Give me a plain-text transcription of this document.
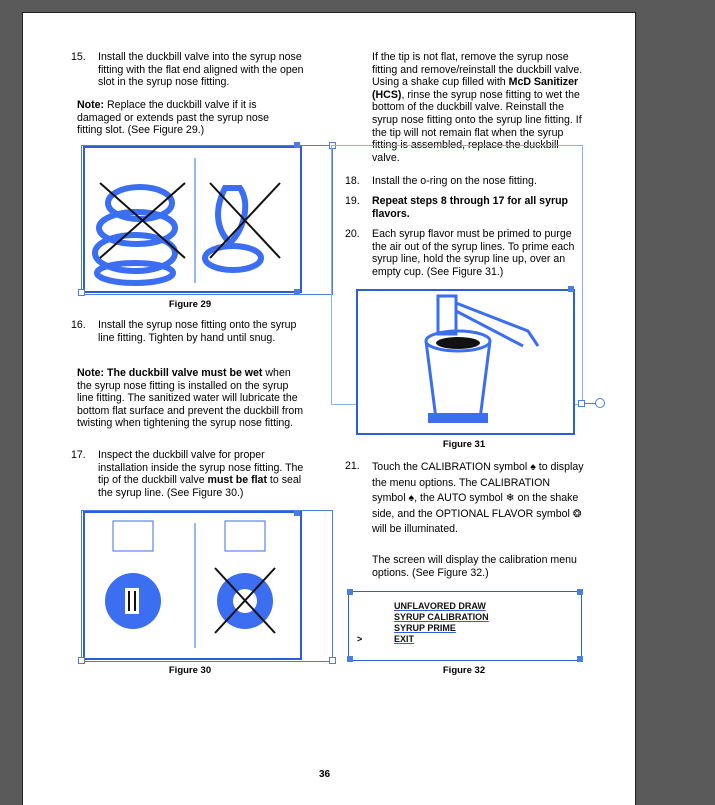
15. Install the duckbill valve into the syrup nose fitting with the flat end aligned with the open slot in the syrup nose fitting.
Note: Replace the duckbill valve if it is damaged or extends past the syrup nose fitting slot. (See Figure 29.)
Figure 29
16. Install the syrup nose fitting onto the syrup line fitting. Tighten by hand until snug.
Note: The duckbill valve must be wet when the syrup nose fitting is installed on the syrup line fitting. The sanitized water will lubricate the bottom flat surface and prevent the duckbill from twisting when tightening the syrup nose fitting.
17. Inspect the duckbill valve for proper installation inside the syrup nose fitting. The tip of the duckbill valve must be flat to seal the syrup line. (See Figure 30.)
Figure 30
If the tip is not flat, remove the syrup nose fitting and remove/reinstall the duckbill valve. Using a shake cup filled with McD Sanitizer (HCS), rinse the syrup nose fitting to wet the bottom of the duckbill valve. Reinstall the syrup nose fitting onto the syrup line fitting. If the tip will not remain flat when the syrup fitting is assembled, replace the duckbill valve.
18. Install the o-ring on the nose fitting.
19. Repeat steps 8 through 17 for all syrup flavors.
20. Each syrup flavor must be primed to purge the air out of the syrup lines. To prime each syrup line, hold the syrup line up, over an empty cup. (See Figure 31.)
Figure 31
21. Touch the CALIBRATION symbol ♠ to display the menu options. The CALIBRATION symbol ♠, the AUTO symbol ❄ on the shake side, and the OPTIONAL FLAVOR symbol ❂ will be illuminated.
The screen will display the calibration menu options. (See Figure 32.)
UNFLAVORED DRAW
SYRUP CALIBRATION
SYRUP PRIME
EXIT
>
Figure 32
36
